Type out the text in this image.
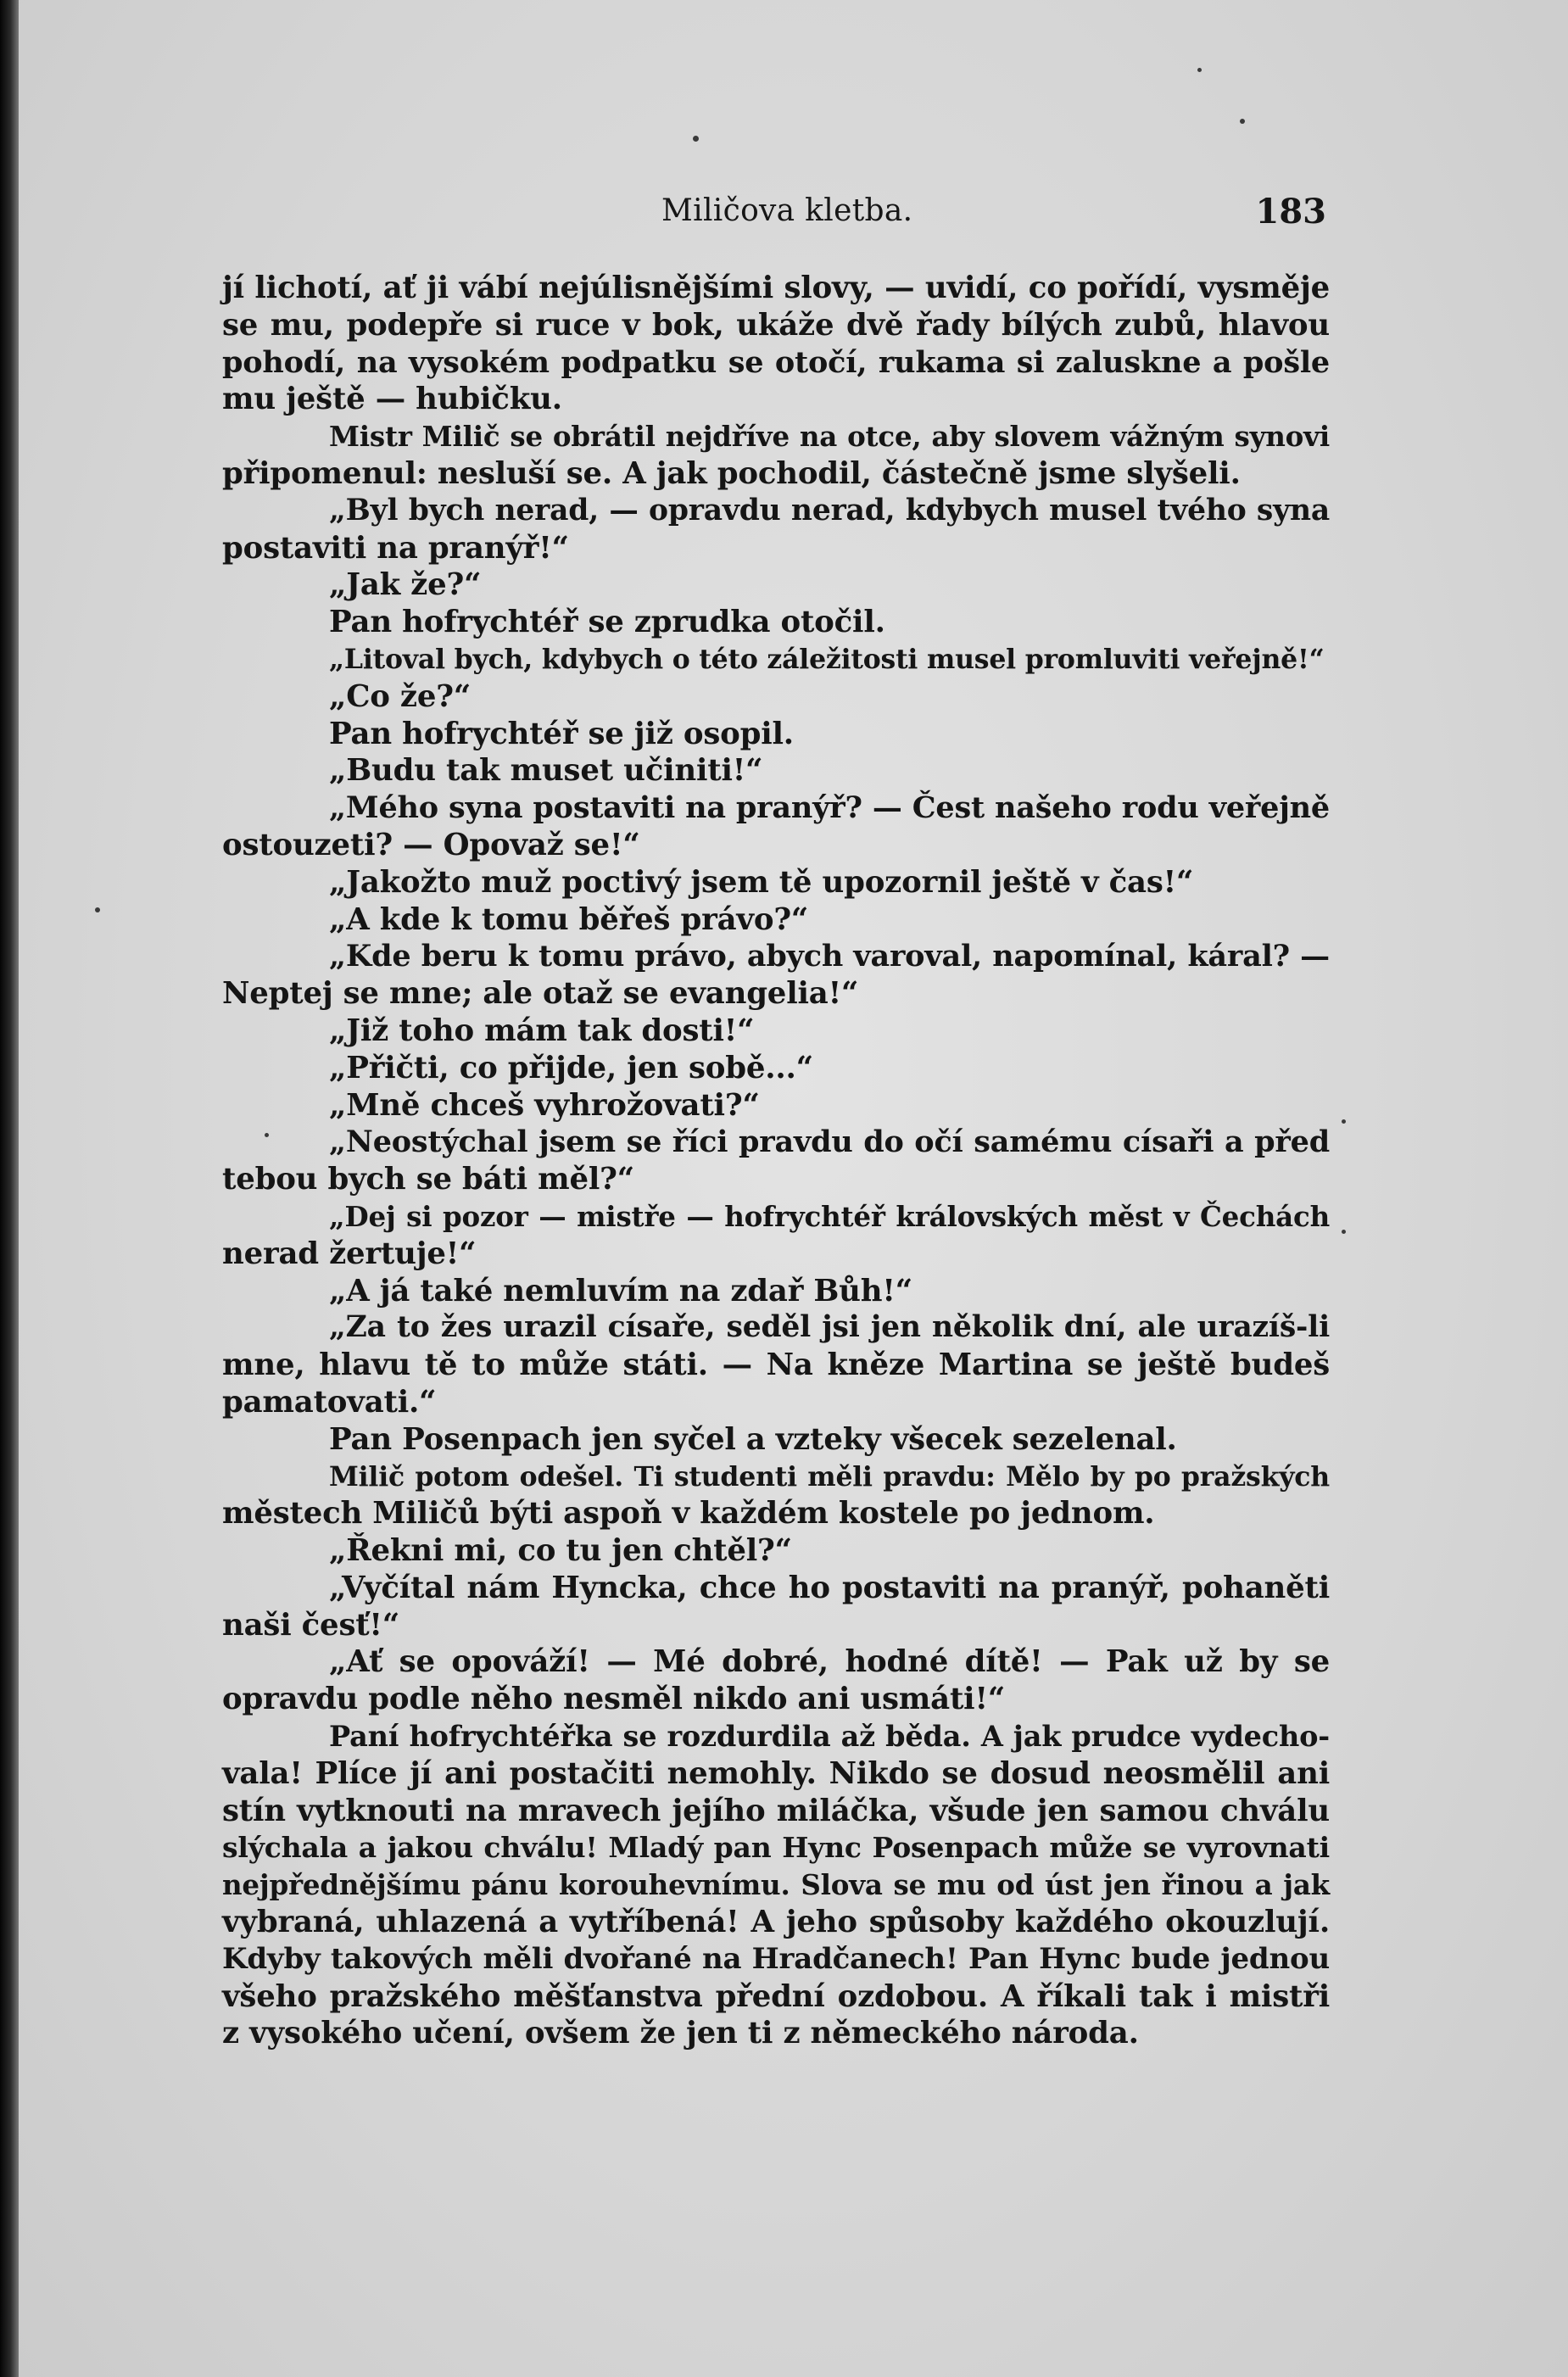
Miličova kletba.	183
jí lichotí, ať ji vábí nejúlisnějšími slovy, — uvidí, co pořídí, vysměje
se mu, podepře si ruce v bok, ukáže dvě řady bílých zubů, hlavou
pohodí, na vysokém podpatku se otočí, rukama si zaluskne a pošle
mu ještě — hubičku.
Mistr Milič se obrátil nejdříve na otce, aby slovem vážným synovi
připomenul: nesluší se. A jak pochodil, částečně jsme slyšeli.
„Byl bych nerad, — opravdu nerad, kdybych musel tvého syna
postaviti na pranýř!“
„Jak že?“
Pan hofrychtéř se zprudka otočil.
„Litoval bych, kdybych o této záležitosti musel promluviti veřejně!“
„Co že?“
Pan hofrychtéř se již osopil.
„Budu tak muset učiniti!“
„Mého syna postaviti na pranýř? — Čest našeho rodu veřejně
ostouzeti? — Opovaž se!“
„Jakožto muž poctivý jsem tě upozornil ještě v čas!“
„A kde k tomu běřeš právo?“
„Kde beru k tomu právo, abych varoval, napomínal, káral? —
Neptej se mne; ale otaž se evangelia!“
„Již toho mám tak dosti!“
„Přičti, co přijde, jen sobě...“
„Mně chceš vyhrožovati?“
„Neostýchal jsem se říci pravdu do očí samému císaři a před
tebou bych se báti měl?“
„Dej si pozor — mistře — hofrychtéř královských měst v Čechách
nerad žertuje!“
„A já také nemluvím na zdař Bůh!“
„Za to žes urazil císaře, seděl jsi jen několik dní, ale urazíš-li
mne, hlavu tě to může státi. — Na kněze Martina se ještě budeš
pamatovati.“
Pan Posenpach jen syčel a vzteky všecek sezelenal.
Milič potom odešel. Ti studenti měli pravdu: Mělo by po pražských
městech Miličů býti aspoň v každém kostele po jednom.
„Řekni mi, co tu jen chtěl?“
„Vyčítal nám Hyncka, chce ho postaviti na pranýř, pohaněti
naši česť!“
„Ať se opováží! — Mé dobré, hodné dítě! — Pak už by se
opravdu podle něho nesměl nikdo ani usmáti!“
Paní hofrychtéřka se rozdurdila až běda. A jak prudce vydecho-
vala! Plíce jí ani postačiti nemohly. Nikdo se dosud neosmělil ani
stín vytknouti na mravech jejího miláčka, všude jen samou chválu
slýchala a jakou chválu! Mladý pan Hync Posenpach může se vyrovnati
nejpřednějšímu pánu korouhevnímu. Slova se mu od úst jen řinou a jak
vybraná, uhlazená a vytříbená! A jeho spůsoby každého okouzlují.
Kdyby takových měli dvořané na Hradčanech! Pan Hync bude jednou
všeho pražského měšťanstva přední ozdobou. A říkali tak i mistři
z vysokého učení, ovšem že jen ti z německého národa.
